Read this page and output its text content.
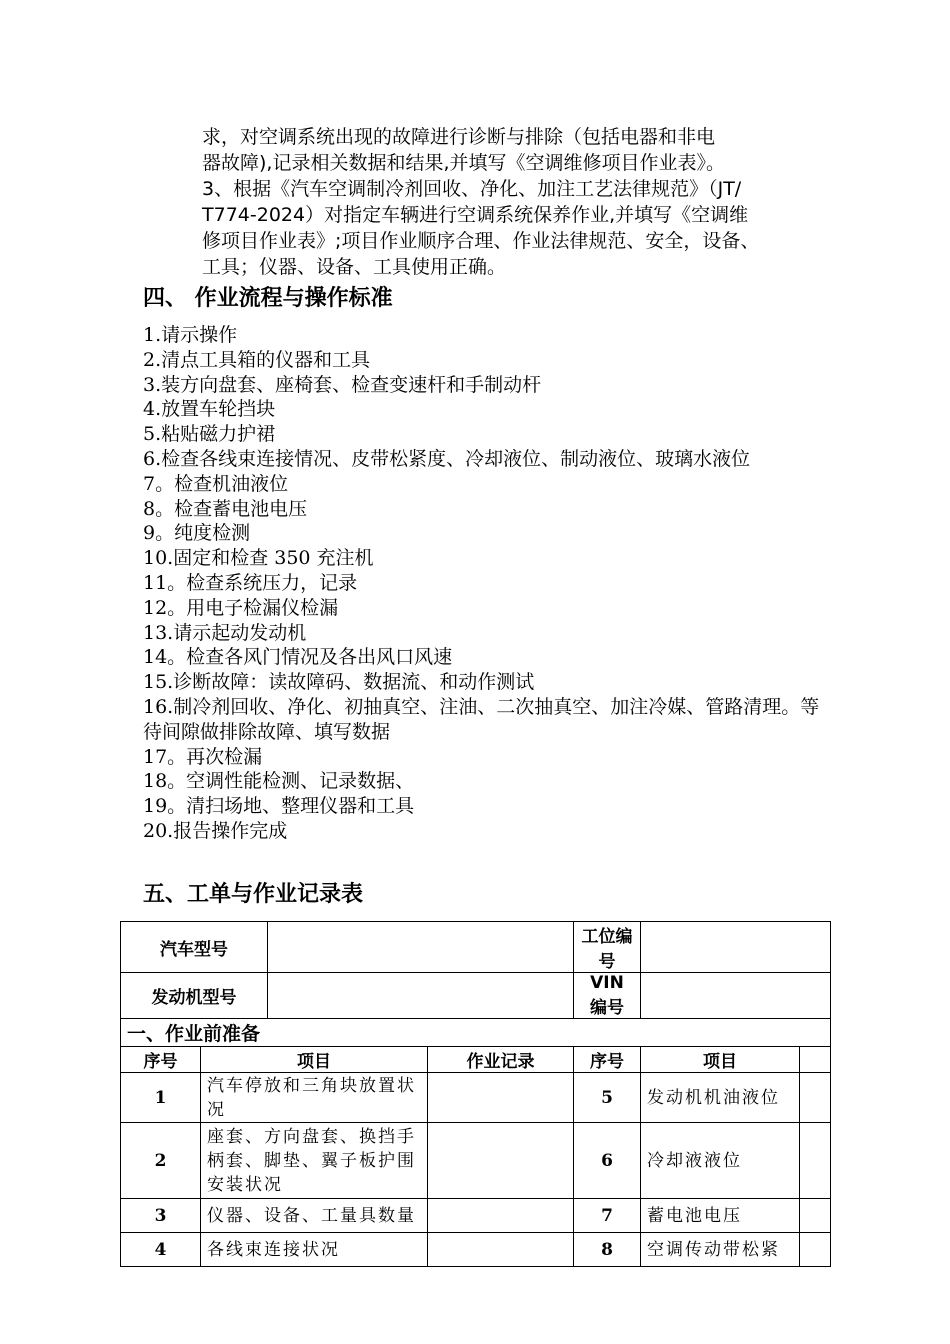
求，对空调系统出现的故障进行诊断与排除（包括电器和非电

器故障),记录相关数据和结果,并填写《空调维修项目作业表》。

3、根据《汽车空调制冷剂回收、净化、加注工艺法律规范》（JT/

T774-2024）对指定车辆进行空调系统保养作业,并填写《空调维

修项目作业表》;项目作业顺序合理、作业法律规范、安全，设备、

工具；仪器、设备、工具使用正确。

四、 作业流程与操作标准
1.请示操作
2.清点工具箱的仪器和工具
3.装方向盘套、座椅套、检查变速杆和手制动杆
4.放置车轮挡块
5.粘贴磁力护裙
6.检查各线束连接情况、皮带松紧度、冷却液位、制动液位、玻璃水液位
7。检查机油液位
8。检查蓄电池电压
9。纯度检测
10.固定和检查 350 充注机
11。检查系统压力，记录
12。用电子检漏仪检漏
13.请示起动发动机
14。检查各风门情况及各出风口风速
15.诊断故障：读故障码、数据流、和动作测试
16.制冷剂回收、净化、初抽真空、注油、二次抽真空、加注冷媒、管路清理。等待间隙做排除故障、填写数据
17。再次检漏
18。空调性能检测、记录数据、
19。清扫场地、整理仪器和工具
20.报告操作完成
五、工单与作业记录表
汽车型号				工位编号		
发动机型号				VIN 编号		
一、作业前准备						
序号	项目		作业记录	序号	项目	
1	汽车停放和三角块放置状况			5	发动机机油液位	
2	座套、方向盘套、换挡手柄套、脚垫、翼子板护围安装状况			6	冷却液液位	
3	仪器、设备、工量具数量			7	蓄电池电压	
4	各线束连接状况			8	空调传动带松紧	
